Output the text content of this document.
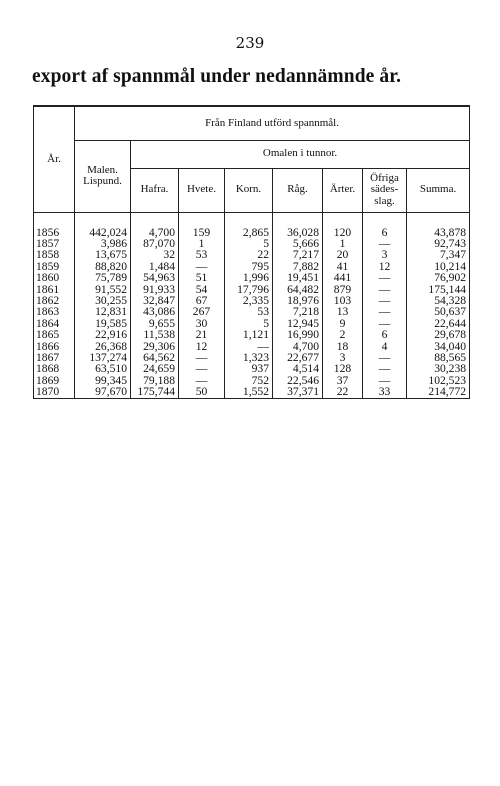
239
export af spannmål under nedannämnde år.
År.	Från Finland utförd spannmål.							
	Malen. Lispund.	Omalen i tunnor.						
		Hafra.	Hvete.	Korn.	Råg.	Ärter.	Öfriga sädes-slag.	Summa.
1856	442,024	4,700	159	2,865	36,028	120	6	43,878
1857	3,986	87,070	1	5	5,666	1	—	92,743
1858	13,675	32	53	22	7,217	20	3	7,347
1859	88,820	1,484	—	795	7,882	41	12	10,214
1860	75,789	54,963	51	1,996	19,451	441	—	76,902
1861	91,552	91,933	54	17,796	64,482	879	—	175,144
1862	30,255	32,847	67	2,335	18,976	103	—	54,328
1863	12,831	43,086	267	53	7,218	13	—	50,637
1864	19,585	9,655	30	5	12,945	9	—	22,644
1865	22,916	11,538	21	1,121	16,990	2	6	29,678
1866	26,368	29,306	12	—	4,700	18	4	34,040
1867	137,274	64,562	—	1,323	22,677	3	—	88,565
1868	63,510	24,659	—	937	4,514	128	—	30,238
1869	99,345	79,188	—	752	22,546	37	—	102,523
1870	97,670	175,744	50	1,552	37,371	22	33	214,772
